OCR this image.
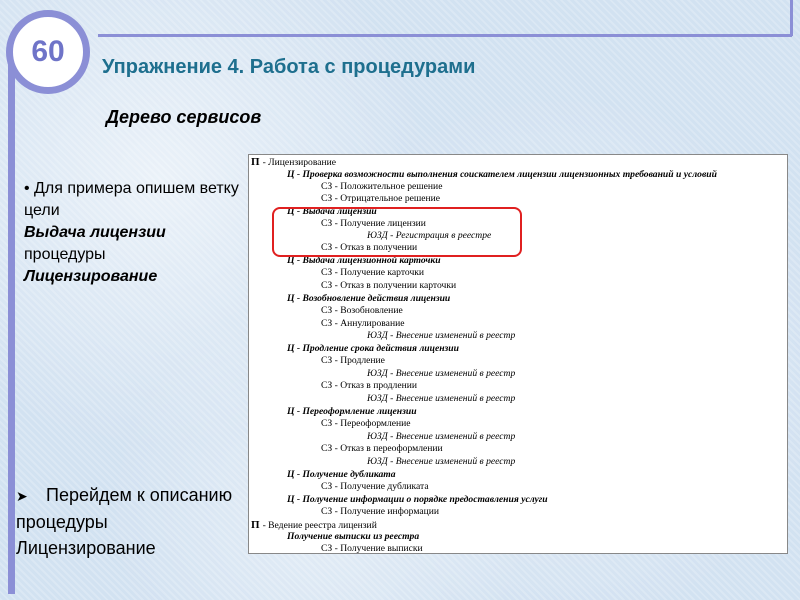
60 Упражнение 4. Работа с процедурами
Дерево сервисов
• Для примера опишем ветку цели
Выдача лицензии
процедуры
Лицензирование
➤ Перейдем к описанию процедуры Лицензирование
П - Лицензирование
Ц - Проверка возможности выполнения соискателем лицензии лицензионных требований и условий
СЗ - Положительное решение
СЗ - Отрицательное решение
Ц - Выдача лицензии
СЗ - Получение лицензии
ЮЗД - Регистрация в реестре
СЗ - Отказ в получении
Ц - Выдача лицензионной карточки
СЗ - Получение карточки
СЗ - Отказ в получении карточки
Ц - Возобновление действия лицензии
СЗ - Возобновление
СЗ - Аннулирование
ЮЗД - Внесение изменений в реестр
Ц - Продление срока действия лицензии
СЗ - Продление
ЮЗД - Внесение изменений в реестр
СЗ - Отказ в продлении
ЮЗД - Внесение изменений в реестр
Ц - Переоформление лицензии
СЗ - Переоформление
ЮЗД - Внесение изменений в реестр
СЗ - Отказ в переоформлении
ЮЗД - Внесение изменений в реестр
Ц - Получение дубликата
СЗ - Получение дубликата
Ц - Получение информации о порядке предоставления услуги
СЗ - Получение информации
П - Ведение реестра лицензий
Получение выписки из реестра
СЗ - Получение выписки
